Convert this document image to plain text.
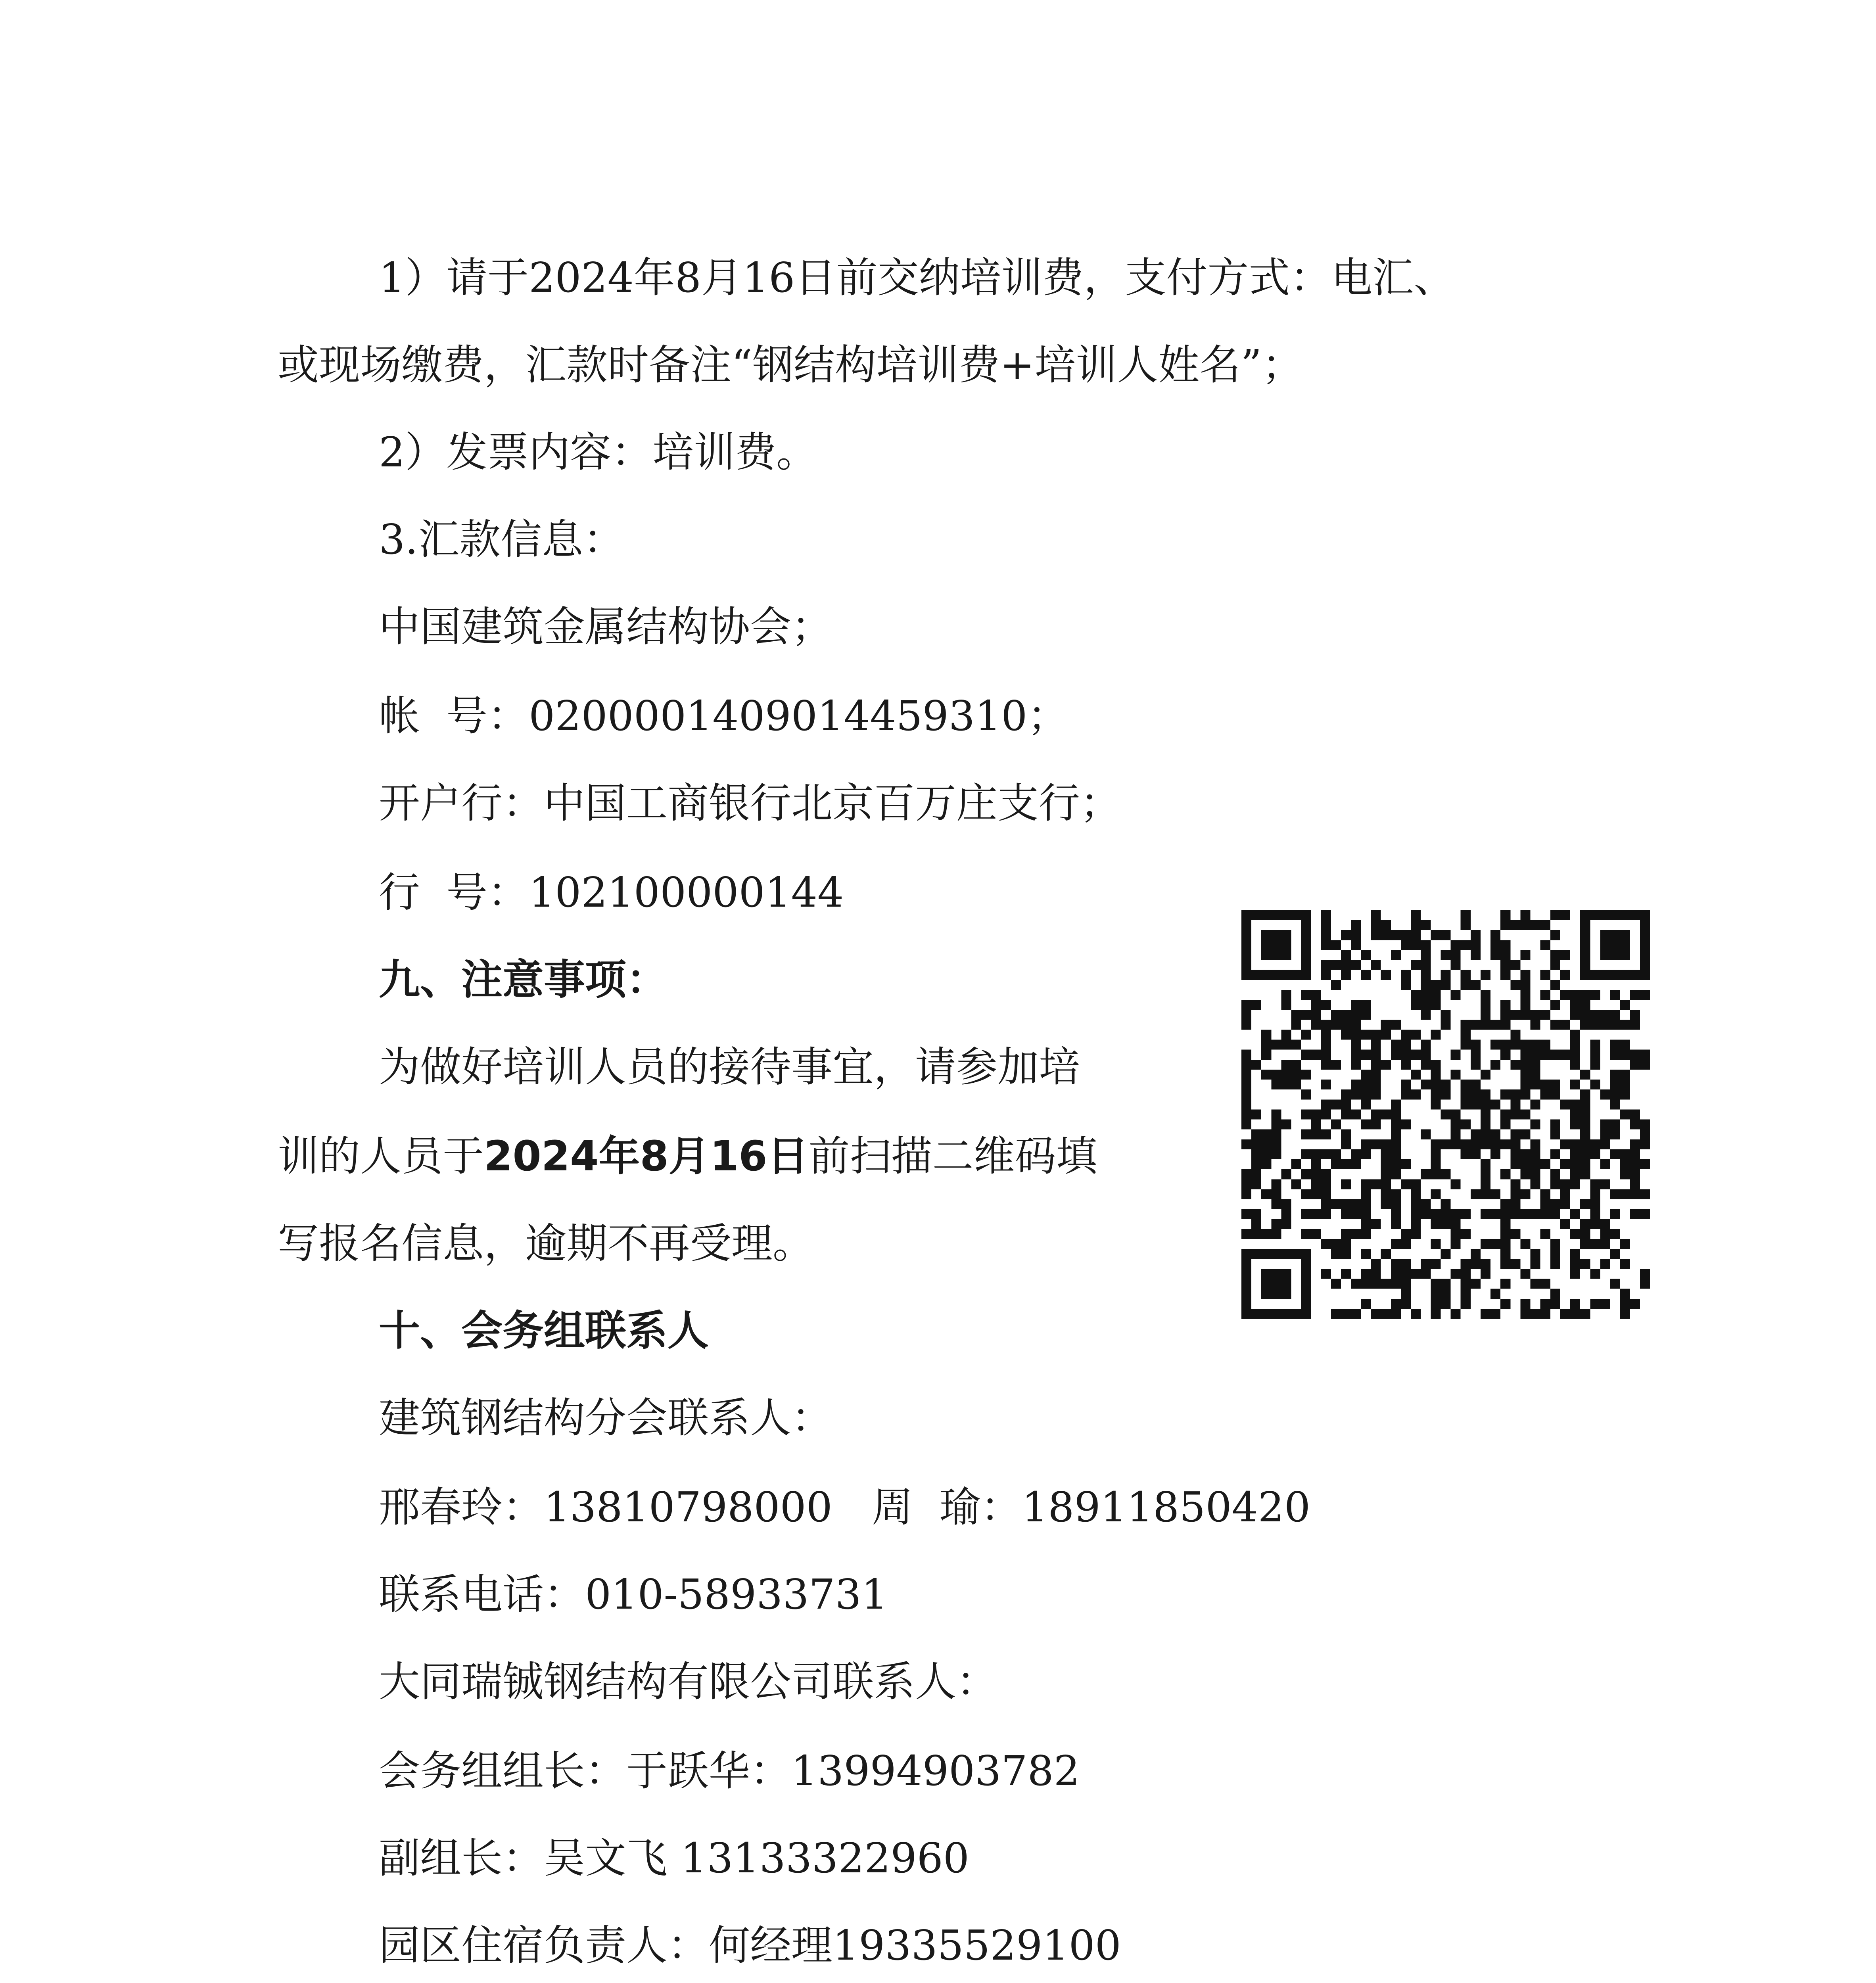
1）请于2024年8月16日前交纳培训费，支付方式：电汇、
或现场缴费，汇款时备注“钢结构培训费+培训人姓名”；
2）发票内容：培训费。
3.汇款信息：
中国建筑金属结构协会；
帐  号：0200001409014459310；
开户行：中国工商银行北京百万庄支行；
行  号：102100000144
九、注意事项：
为做好培训人员的接待事宜，请参加培
训的人员于2024年8月16日前扫描二维码填
写报名信息，逾期不再受理。
十、会务组联系人
建筑钢结构分会联系人：
邢春玲：13810798000   周  瑜：18911850420
联系电话：010-58933731
大同瑞铖钢结构有限公司联系人：
会务组组长：于跃华：13994903782
副组长：吴文飞 13133322960
园区住宿负责人：何经理19335529100
